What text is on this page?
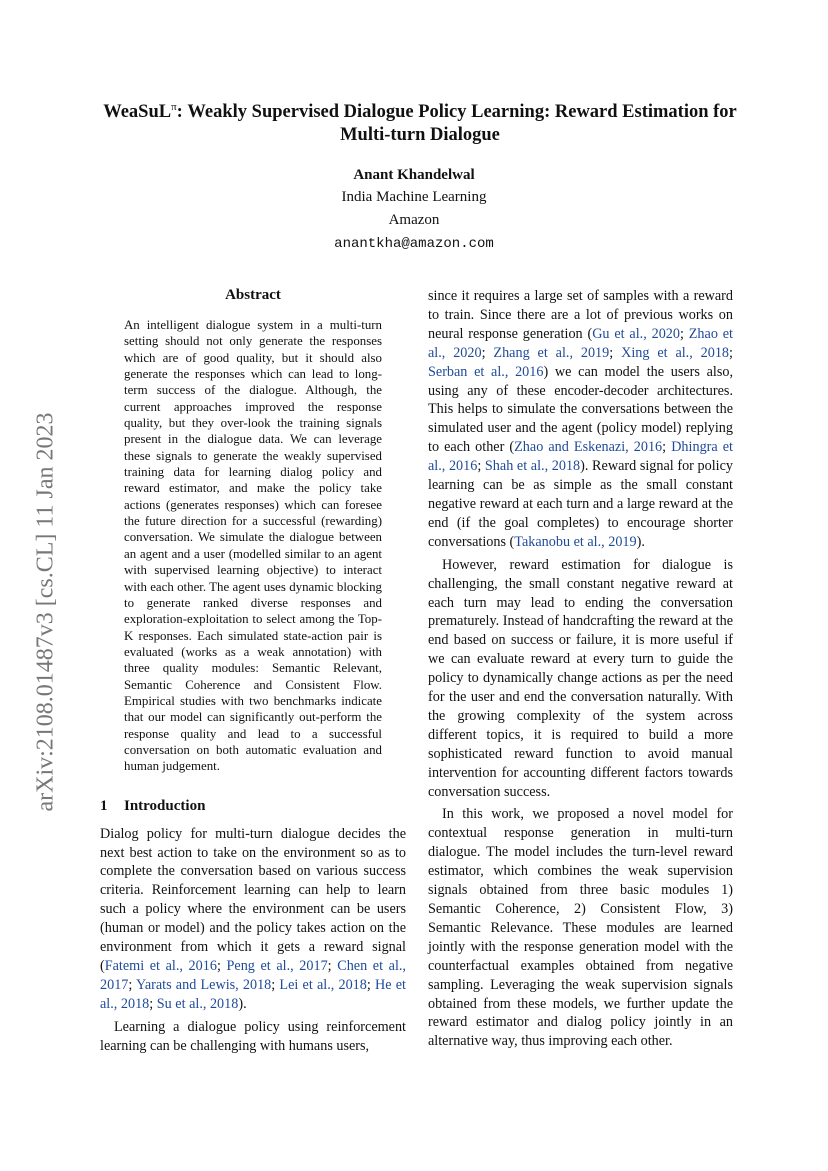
arXiv:2108.01487v3 [cs.CL] 11 Jan 2023
WeaSuL$^\pi$: Weakly Supervised Dialogue Policy Learning: Reward Estimation for Multi-turn Dialogue
Anant Khandelwal
India Machine Learning
Amazon
anantkha@amazon.com
Abstract
An intelligent dialogue system in a multi-turn setting should not only generate the responses which are of good quality, but it should also generate the responses which can lead to long-term success of the dialogue. Although, the current approaches improved the response quality, but they over-look the training signals present in the dialogue data. We can leverage these signals to generate the weakly supervised training data for learning dialog policy and reward estimator, and make the policy take actions (generates responses) which can foresee the future direction for a successful (rewarding) conversation. We simulate the dialogue between an agent and a user (modelled similar to an agent with supervised learning objective) to interact with each other. The agent uses dynamic blocking to generate ranked diverse responses and exploration-exploitation to select among the Top-K responses. Each simulated state-action pair is evaluated (works as a weak annotation) with three quality modules: Semantic Relevant, Semantic Coherence and Consistent Flow. Empirical studies with two benchmarks indicate that our model can significantly out-perform the response quality and lead to a successful conversation on both automatic evaluation and human judgement.
1 Introduction

Dialog policy for multi-turn dialogue decides the next best action to take on the environment so as to complete the conversation based on various success criteria. Reinforcement learning can help to learn such a policy where the environment can be users (human or model) and the policy takes action on the environment from which it gets a reward signal (Fatemi et al., 2016; Peng et al., 2017; Chen et al., 2017; Yarats and Lewis, 2018; Lei et al., 2018; He et al., 2018; Su et al., 2018).

Learning a dialogue policy using reinforcement learning can be challenging with humans users,

since it requires a large set of samples with a reward to train. Since there are a lot of previous works on neural response generation (Gu et al., 2020; Zhao et al., 2020; Zhang et al., 2019; Xing et al., 2018; Serban et al., 2016) we can model the users also, using any of these encoder-decoder architectures. This helps to simulate the conversations between the simulated user and the agent (policy model) replying to each other (Zhao and Eskenazi, 2016; Dhingra et al., 2016; Shah et al., 2018). Reward signal for policy learning can be as simple as the small constant negative reward at each turn and a large reward at the end (if the goal completes) to encourage shorter conversations (Takanobu et al., 2019).

However, reward estimation for dialogue is challenging, the small constant negative reward at each turn may lead to ending the conversation prematurely. Instead of handcrafting the reward at the end based on success or failure, it is more useful if we can evaluate reward at every turn to guide the policy to dynamically change actions as per the need for the user and end the conversation naturally. With the growing complexity of the system across different topics, it is required to build a more sophisticated reward function to avoid manual intervention for accounting different factors towards conversation success.

In this work, we proposed a novel model for contextual response generation in multi-turn dialogue. The model includes the turn-level reward estimator, which combines the weak supervision signals obtained from three basic modules 1) Semantic Coherence, 2) Consistent Flow, 3) Semantic Relevance. These modules are learned jointly with the response generation model with the counterfactual examples obtained from negative sampling. Leveraging the weak supervision signals obtained from these models, we further update the reward estimator and dialog policy jointly in an alternative way, thus improving each other.
